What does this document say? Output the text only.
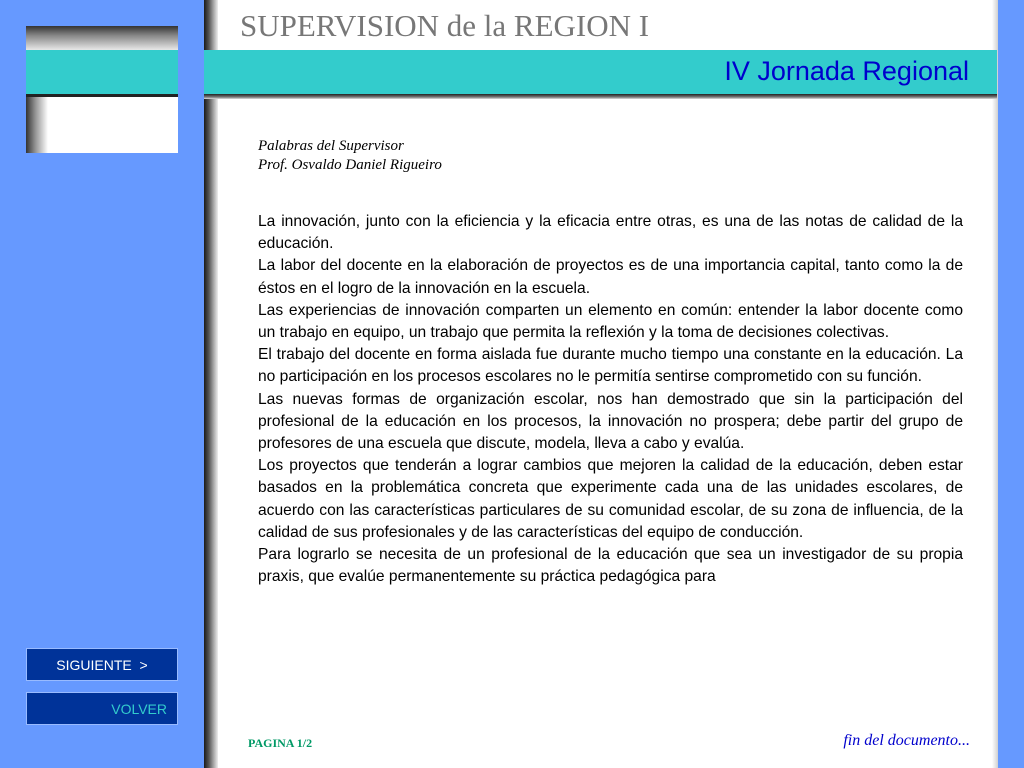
SUPERVISION de la REGION I
IV Jornada Regional

Palabras del Supervisor

Prof. Osvaldo Daniel Rigueiro

La innovación, junto con la eficiencia y la eficacia entre otras, es una de las notas de calidad de la educación.

La labor del docente en la elaboración de proyectos es de una importancia capital, tanto como la de éstos en el logro de la innovación en la escuela.

Las experiencias de innovación comparten un elemento en común: entender la labor docente como un trabajo en equipo, un trabajo que permita la reflexión y la toma de decisiones colectivas.

El trabajo del docente en forma aislada fue durante mucho tiempo una constante en la educación. La no participación en los procesos escolares no le permitía sentirse comprometido con su función.

Las nuevas formas de organización escolar, nos han demostrado que sin la participación del profesional de la educación en los procesos, la innovación no prospera; debe partir del grupo de profesores de una escuela que discute, modela, lleva a cabo y evalúa.

Los proyectos que tenderán a lograr cambios que mejoren la calidad de la educación, deben estar basados en la problemática concreta que experimente cada una de las unidades escolares, de acuerdo con las características particulares de su comunidad escolar, de su zona de influencia, de la calidad de sus profesionales y de las características del equipo de conducción.

Para lograrlo se necesita de un profesional de la educación que sea un investigador de su propia praxis, que evalúe permanentemente su práctica pedagógica para

SIGUIENTE  >
VOLVER
PAGINA 1/2	fin del documento...
